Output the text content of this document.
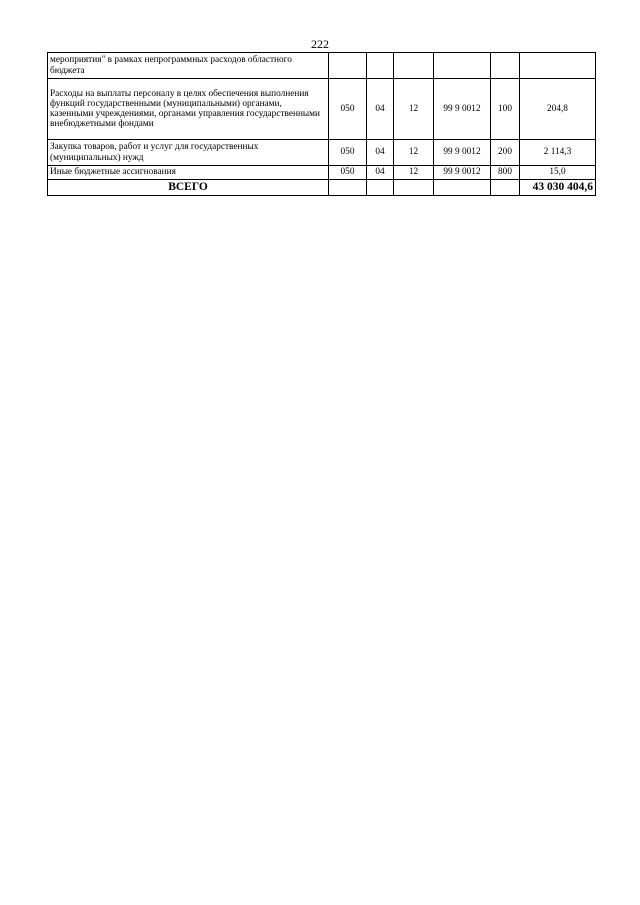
222
мероприятия" в рамках непрограммных расходов областного бюджета						
Расходы на выплаты персоналу в целях обеспечения выполнения функций государственными (муниципальными) органами, казенными учреждениями, органами управления государственными внебюджетными фондами	050	04	12	99 9 0012	100	204,8
Закупка товаров, работ и услуг для государственных (муниципальных) нужд	050	04	12	99 9 0012	200	2 114,3
Иные бюджетные ассигнования	050	04	12	99 9 0012	800	15,0
ВСЕГО						43 030 404,6
